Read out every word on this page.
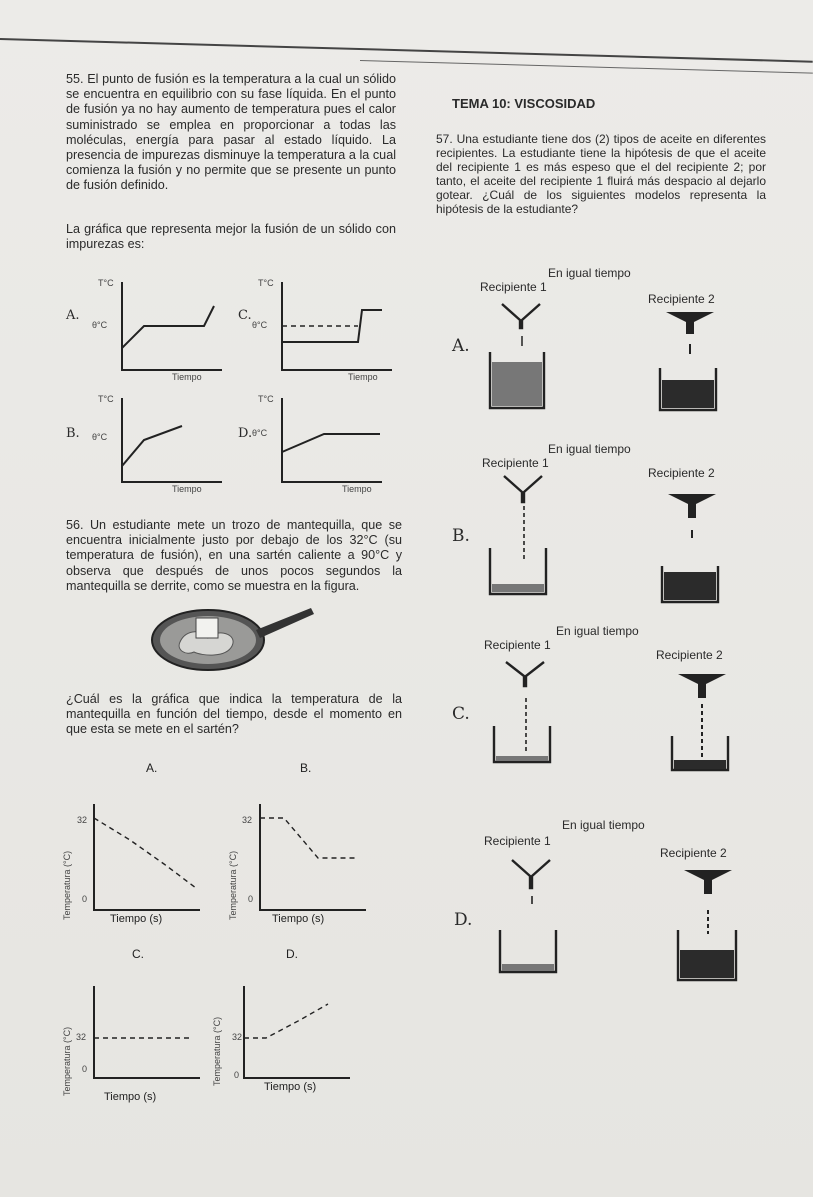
55. El punto de fusión es la temperatura a la cual un sólido se encuentra en equilibrio con su fase líquida. En el punto de fusión ya no hay aumento de temperatura pues el calor suministrado se emplea en proporcionar a todas las moléculas, energía para pasar al estado líquido. La presencia de impurezas disminuye la temperatura a la cual comienza la fusión y no permite que se presente un punto de fusión definido.

La gráfica que representa mejor la fusión de un sólido con impurezas es:

A.
T°C
θ°C
Tiempo
C.
T°C
θ°C
Tiempo
B.
T°C
θ°C
Tiempo
D.
T°C
θ°C
Tiempo

56. Un estudiante mete un trozo de mantequilla, que se encuentra inicialmente justo por debajo de los 32°C (su temperatura de fusión), en una sartén caliente a 90°C y observa que después de unos pocos segundos la mantequilla se derrite, como se muestra en la figura.

¿Cuál es la gráfica que indica la temperatura de la mantequilla en función del tiempo, desde el momento en que esta se mete en el sartén?

A.
Temperatura (°C)
32
0
Tiempo (s)
B.
Temperatura (°C)
32
0
Tiempo (s)
C.
Temperatura (°C) 32
0
Tiempo (s)
D.
Temperatura (°C) 32
0
Tiempo (s)
TEMA 10: VISCOSIDAD

57. Una estudiante tiene dos (2) tipos de aceite en diferentes recipientes. La estudiante tiene la hipótesis de que el aceite del recipiente 1 es más espeso que el del recipiente 2; por tanto, el aceite del recipiente 1 fluirá más despacio al dejarlo gotear. ¿Cuál de los siguientes modelos representa la hipótesis de la estudiante?

En igual tiempo
Recipiente 1
Recipiente 2
A.
En igual tiempo
Recipiente 1
Recipiente 2
B.
En igual tiempo
Recipiente 1
Recipiente 2
C.
En igual tiempo
Recipiente 1
Recipiente 2
D.
